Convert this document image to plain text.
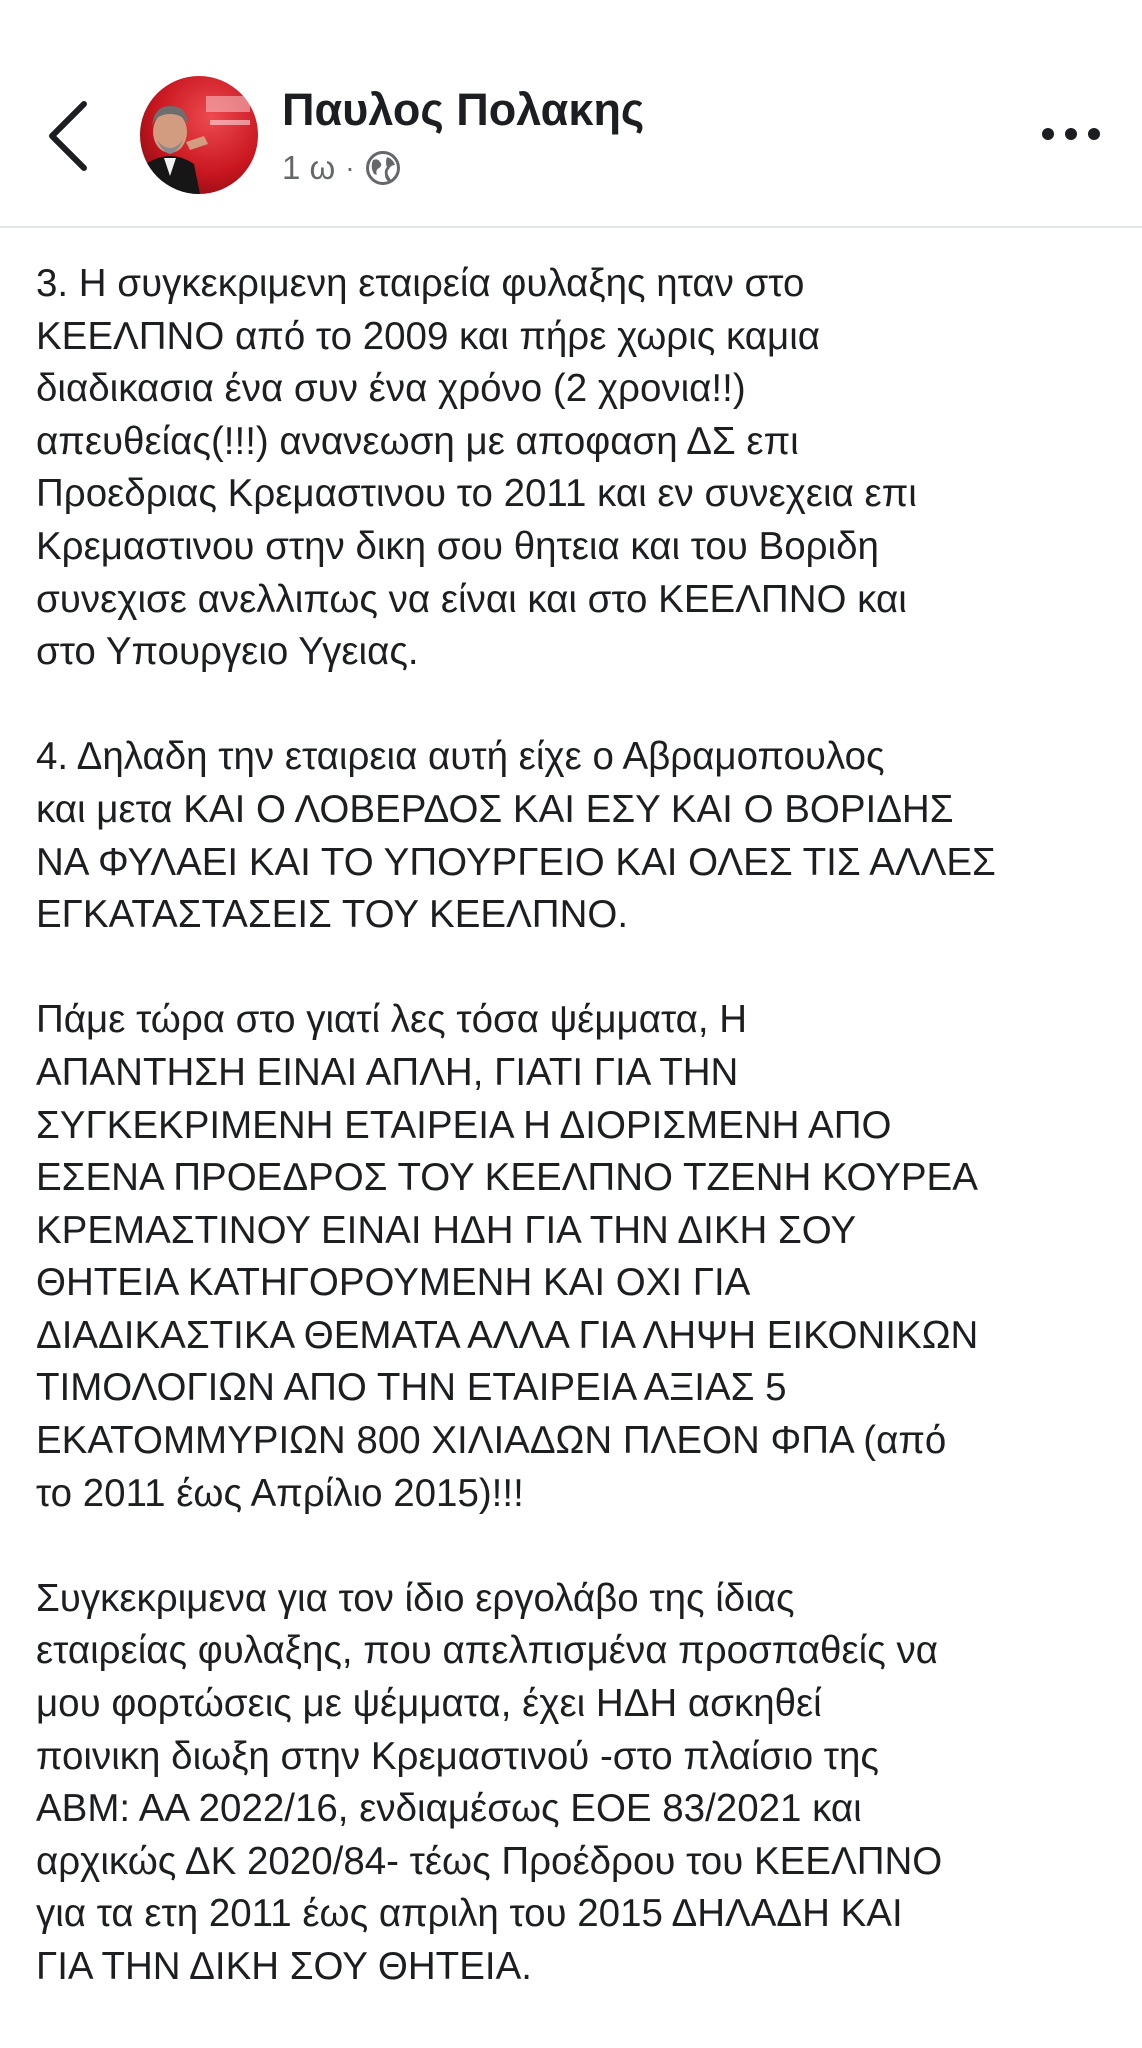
Παυλος Πολακης
1 ω ·

3. Η συγκεκριμενη εταιρεία φυλαξης ηταν στο
ΚΕΕΛΠΝΟ από το 2009 και πήρε χωρις καμια
διαδικασια ένα συν ένα χρόνο (2 χρονια!!)
απευθείας(!!!) ανανεωση με αποφαση ΔΣ επι
Προεδριας Κρεμαστινου το 2011 και εν συνεχεια επι
Κρεμαστινου στην δικη σου θητεια και του Βοριδη
συνεχισε ανελλιπως να είναι και στο ΚΕΕΛΠΝΟ και
στο Υπουργειο Υγειας.

4. Δηλαδη την εταιρεια αυτή είχε ο Αβραμοπουλος
και μετα ΚΑΙ Ο ΛΟΒΕΡΔΟΣ ΚΑΙ ΕΣΥ ΚΑΙ Ο ΒΟΡΙΔΗΣ
ΝΑ ΦΥΛΑΕΙ ΚΑΙ ΤΟ ΥΠΟΥΡΓΕΙΟ ΚΑΙ ΟΛΕΣ ΤΙΣ ΑΛΛΕΣ
ΕΓΚΑΤΑΣΤΑΣΕΙΣ ΤΟΥ ΚΕΕΛΠΝΟ.

Πάμε τώρα στο γιατί λες τόσα ψέμματα, Η
ΑΠΑΝΤΗΣΗ ΕΙΝΑΙ ΑΠΛΗ, ΓΙΑΤΙ ΓΙΑ ΤΗΝ
ΣΥΓΚΕΚΡΙΜΕΝΗ ΕΤΑΙΡΕΙΑ Η ΔΙΟΡΙΣΜΕΝΗ ΑΠΟ
ΕΣΕΝΑ ΠΡΟΕΔΡΟΣ ΤΟΥ ΚΕΕΛΠΝΟ ΤΖΕΝΗ ΚΟΥΡΕΑ
ΚΡΕΜΑΣΤΙΝΟΥ ΕΙΝΑΙ ΗΔΗ ΓΙΑ ΤΗΝ ΔΙΚΗ ΣΟΥ
ΘΗΤΕΙΑ ΚΑΤΗΓΟΡΟΥΜΕΝΗ ΚΑΙ ΟΧΙ ΓΙΑ
ΔΙΑΔΙΚΑΣΤΙΚΑ ΘΕΜΑΤΑ ΑΛΛΑ ΓΙΑ ΛΗΨΗ ΕΙΚΟΝΙΚΩΝ
ΤΙΜΟΛΟΓΙΩΝ ΑΠΟ ΤΗΝ ΕΤΑΙΡΕΙΑ ΑΞΙΑΣ 5
ΕΚΑΤΟΜΜΥΡΙΩΝ 800 ΧΙΛΙΑΔΩΝ ΠΛΕΟΝ ΦΠΑ (από
το 2011 έως Απρίλιο 2015)!!!

Συγκεκριμενα για τον ίδιο εργολάβο της ίδιας
εταιρείας φυλαξης, που απελπισμένα προσπαθείς να
μου φορτώσεις με ψέμματα, έχει ΗΔΗ ασκηθεί
ποινικη διωξη στην Κρεμαστινού -στο πλαίσιο της
ΑΒΜ: ΑΑ 2022/16, ενδιαμέσως ΕΟΕ 83/2021 και
αρχικώς ΔΚ 2020/84- τέως Προέδρου του ΚΕΕΛΠΝΟ
για τα ετη 2011 έως απριλη του 2015 ΔΗΛΑΔΗ ΚΑΙ
ΓΙΑ ΤΗΝ ΔΙΚΗ ΣΟΥ ΘΗΤΕΙΑ.
